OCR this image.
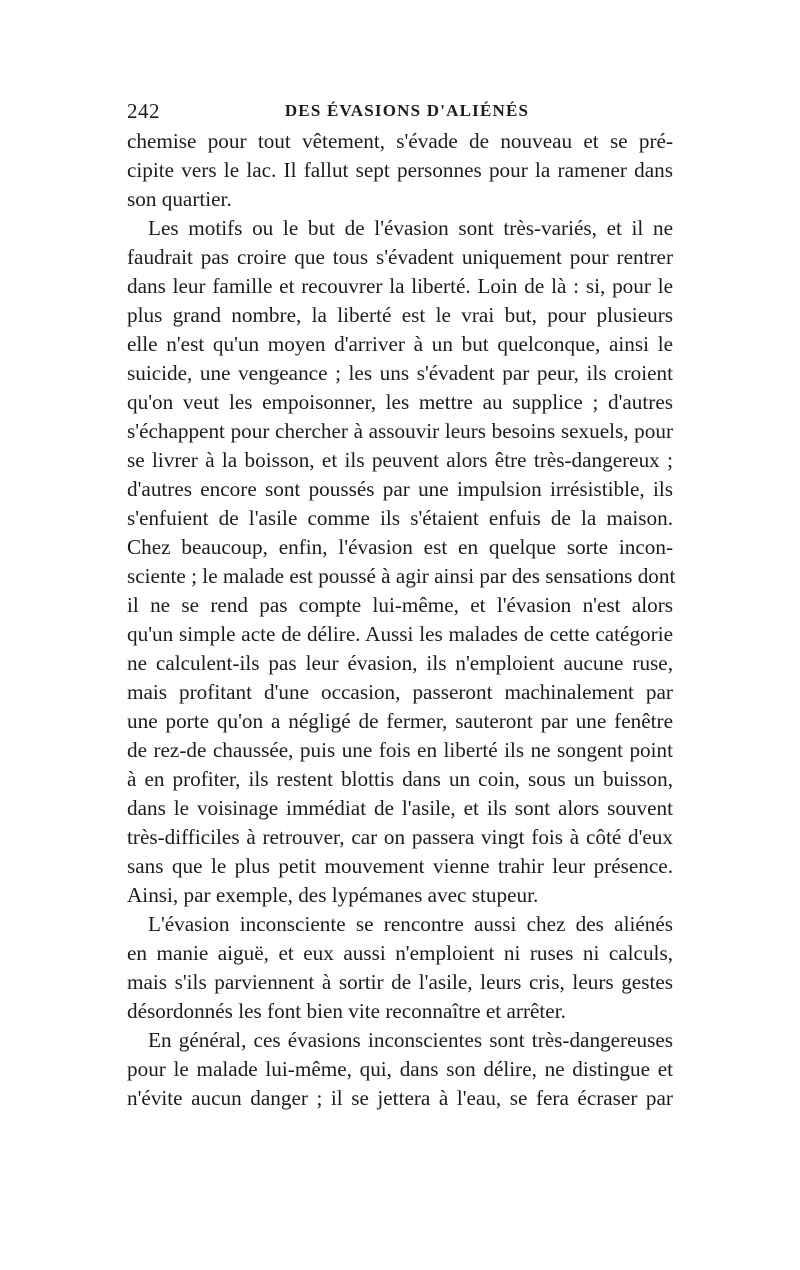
242	DES ÉVASIONS D'ALIÉNÉS
chemise pour tout vêtement, s'évade de nouveau et se pré-
cipite vers le lac. Il fallut sept personnes pour la ramener dans
son quartier.
Les motifs ou le but de l'évasion sont très-variés, et il ne
faudrait pas croire que tous s'évadent uniquement pour rentrer
dans leur famille et recouvrer la liberté. Loin de là : si, pour le
plus grand nombre, la liberté est le vrai but, pour plusieurs
elle n'est qu'un moyen d'arriver à un but quelconque, ainsi le
suicide, une vengeance ; les uns s'évadent par peur, ils croient
qu'on veut les empoisonner, les mettre au supplice ; d'autres
s'échappent pour chercher à assouvir leurs besoins sexuels, pour
se livrer à la boisson, et ils peuvent alors être très-dangereux ;
d'autres encore sont poussés par une impulsion irrésistible, ils
s'enfuient de l'asile comme ils s'étaient enfuis de la maison.
Chez beaucoup, enfin, l'évasion est en quelque sorte incon-
sciente ; le malade est poussé à agir ainsi par des sensations dont
il ne se rend pas compte lui-même, et l'évasion n'est alors
qu'un simple acte de délire. Aussi les malades de cette catégorie
ne calculent-ils pas leur évasion, ils n'emploient aucune ruse,
mais profitant d'une occasion, passeront machinalement par
une porte qu'on a négligé de fermer, sauteront par une fenêtre
de rez-de chaussée, puis une fois en liberté ils ne songent point
à en profiter, ils restent blottis dans un coin, sous un buisson,
dans le voisinage immédiat de l'asile, et ils sont alors souvent
très-difficiles à retrouver, car on passera vingt fois à côté d'eux
sans que le plus petit mouvement vienne trahir leur présence.
Ainsi, par exemple, des lypémanes avec stupeur.
L'évasion inconsciente se rencontre aussi chez des aliénés
en manie aiguë, et eux aussi n'emploient ni ruses ni calculs,
mais s'ils parviennent à sortir de l'asile, leurs cris, leurs gestes
désordonnés les font bien vite reconnaître et arrêter.
En général, ces évasions inconscientes sont très-dangereuses
pour le malade lui-même, qui, dans son délire, ne distingue et
n'évite aucun danger ; il se jettera à l'eau, se fera écraser par
